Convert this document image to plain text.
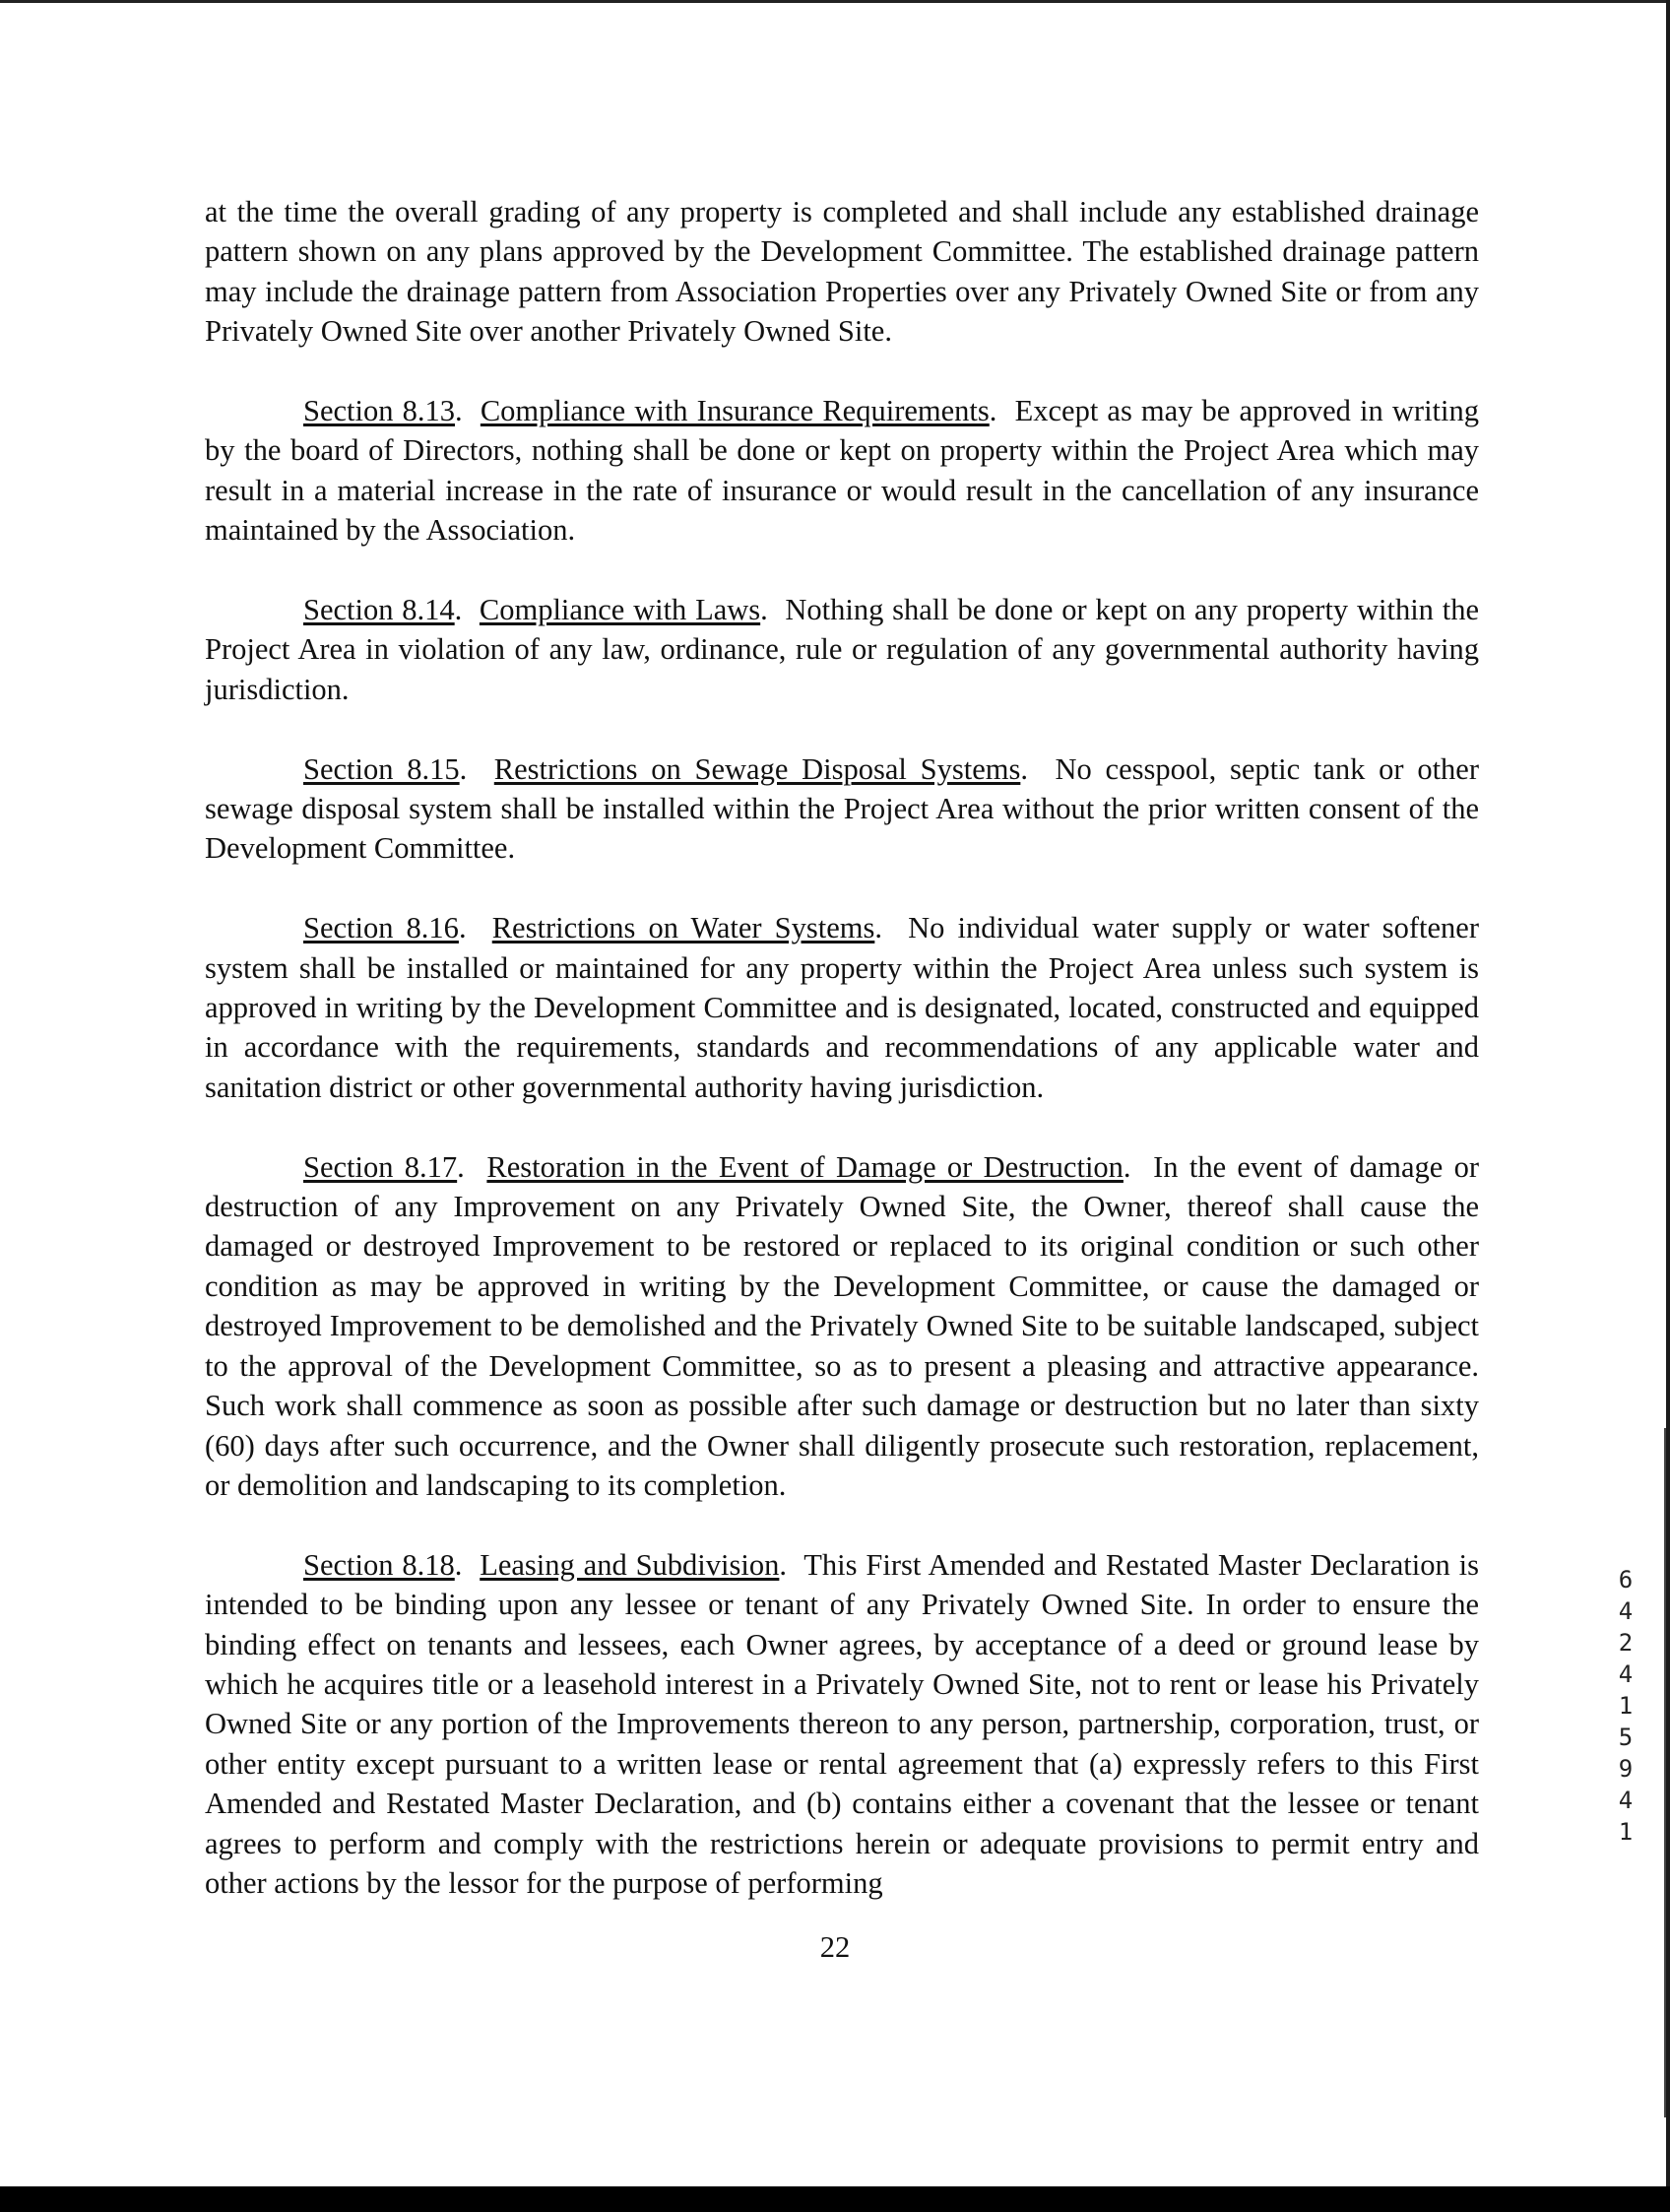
at the time the overall grading of any property is completed and shall include any established drainage pattern shown on any plans approved by the Development Committee. The established drainage pattern may include the drainage pattern from Association Properties over any Privately Owned Site or from any Privately Owned Site over another Privately Owned Site.

Section 8.13.  Compliance with Insurance Requirements.  Except as may be approved in writing by the board of Directors, nothing shall be done or kept on property within the Project Area which may result in a material increase in the rate of insurance or would result in the cancellation of any insurance maintained by the Association.

Section 8.14.  Compliance with Laws.  Nothing shall be done or kept on any property within the Project Area in violation of any law, ordinance, rule or regulation of any governmental authority having jurisdiction.

Section 8.15.  Restrictions on Sewage Disposal Systems.  No cesspool, septic tank or other sewage disposal system shall be installed within the Project Area without the prior written consent of the Development Committee.

Section 8.16.  Restrictions on Water Systems.  No individual water supply or water softener system shall be installed or maintained for any property within the Project Area unless such system is approved in writing by the Development Committee and is designated, located, constructed and equipped in accordance with the requirements, standards and recommendations of any applicable water and sanitation district or other governmental authority having jurisdiction.

Section 8.17.  Restoration in the Event of Damage or Destruction.  In the event of damage or destruction of any Improvement on any Privately Owned Site, the Owner, thereof shall cause the damaged or destroyed Improvement to be restored or replaced to its original condition or such other condition as may be approved in writing by the Development Committee, or cause the damaged or destroyed Improvement to be demolished and the Privately Owned Site to be suitable landscaped, subject to the approval of the Development Committee, so as to present a pleasing and attractive appearance. Such work shall commence as soon as possible after such damage or destruction but no later than sixty (60) days after such occurrence, and the Owner shall diligently prosecute such restoration, replacement, or demolition and landscaping to its completion.

Section 8.18.  Leasing and Subdivision.  This First Amended and Restated Master Declaration is intended to be binding upon any lessee or tenant of any Privately Owned Site. In order to ensure the binding effect on tenants and lessees, each Owner agrees, by acceptance of a deed or ground lease by which he acquires title or a leasehold interest in a Privately Owned Site, not to rent or lease his Privately Owned Site or any portion of the Improvements thereon to any person, partnership, corporation, trust, or other entity except pursuant to a written lease or rental agreement that (a) expressly refers to this First Amended and Restated Master Declaration, and (b) contains either a covenant that the lessee or tenant agrees to perform and comply with the restrictions herein or adequate provisions to permit entry and other actions by the lessor for the purpose of performing

22
6424 1594 1
